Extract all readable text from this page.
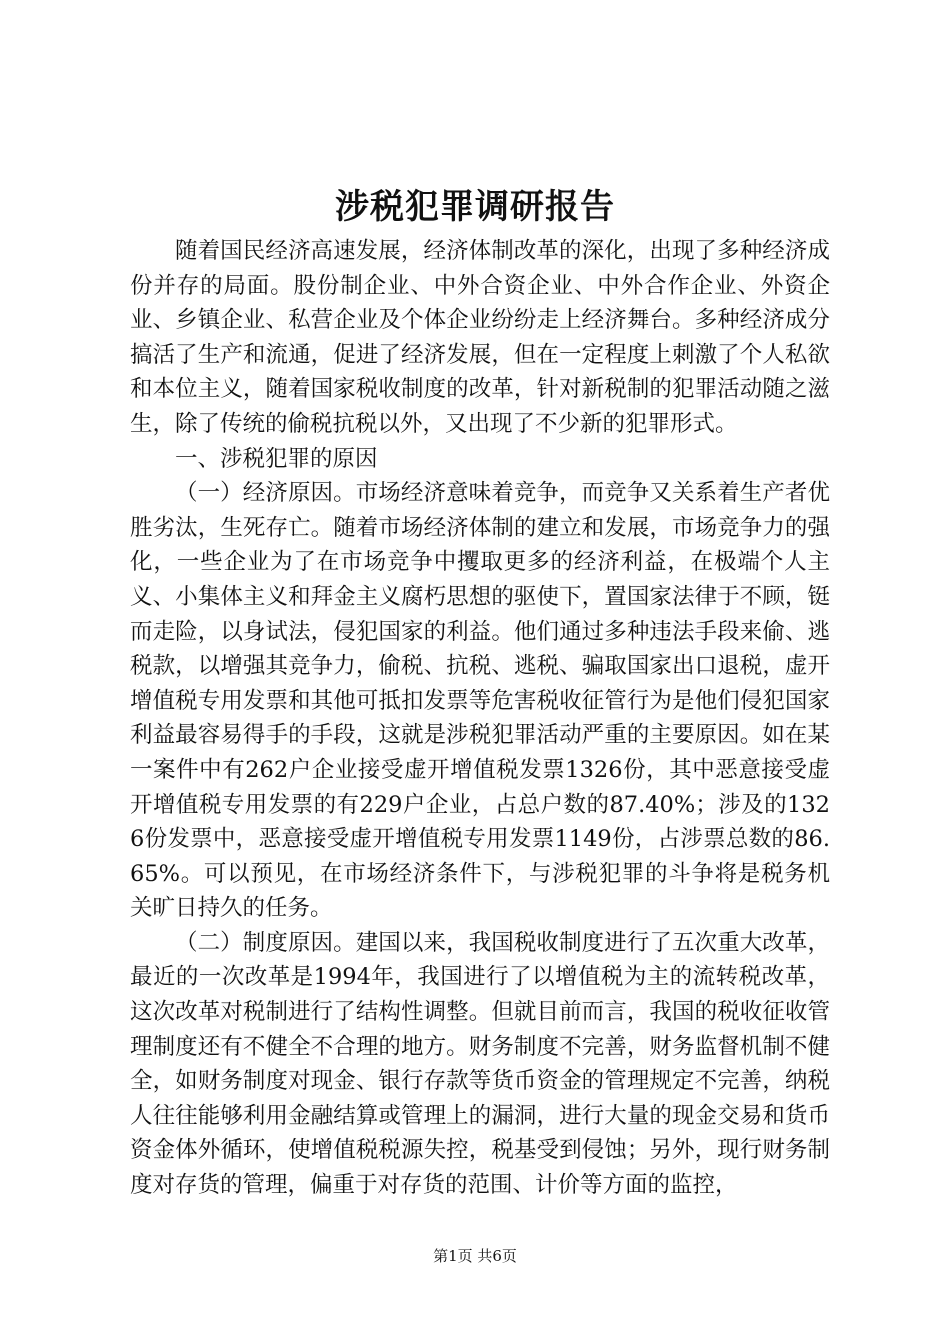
涉税犯罪调研报告

随着国民经济高速发展，经济体制改革的深化，出现了多种经济成份并存的局面。股份制企业、中外合资企业、中外合作企业、外资企业、乡镇企业、私营企业及个体企业纷纷走上经济舞台。多种经济成分搞活了生产和流通，促进了经济发展，但在一定程度上刺激了个人私欲和本位主义，随着国家税收制度的改革，针对新税制的犯罪活动随之滋生，除了传统的偷税抗税以外，又出现了不少新的犯罪形式。

一、涉税犯罪的原因

（一）经济原因。市场经济意味着竞争，而竞争又关系着生产者优胜劣汰，生死存亡。随着市场经济体制的建立和发展，市场竞争力的强化，一些企业为了在市场竞争中攫取更多的经济利益，在极端个人主义、小集体主义和拜金主义腐朽思想的驱使下，置国家法律于不顾，铤而走险，以身试法，侵犯国家的利益。他们通过多种违法手段来偷、逃税款，以增强其竞争力，偷税、抗税、逃税、骗取国家出口退税，虚开增值税专用发票和其他可抵扣发票等危害税收征管行为是他们侵犯国家利益最容易得手的手段，这就是涉税犯罪活动严重的主要原因。如在某一案件中有262户企业接受虚开增值税发票1326份，其中恶意接受虚开增值税专用发票的有229户企业，占总户数的87.40%；涉及的1326份发票中，恶意接受虚开增值税专用发票1149份，占涉票总数的86.65%。可以预见，在市场经济条件下，与涉税犯罪的斗争将是税务机关旷日持久的任务。

（二）制度原因。建国以来，我国税收制度进行了五次重大改革，最近的一次改革是1994年，我国进行了以增值税为主的流转税改革，这次改革对税制进行了结构性调整。但就目前而言，我国的税收征收管理制度还有不健全不合理的地方。财务制度不完善，财务监督机制不健全，如财务制度对现金、银行存款等货币资金的管理规定不完善，纳税人往往能够利用金融结算或管理上的漏洞，进行大量的现金交易和货币资金体外循环，使增值税税源失控，税基受到侵蚀；另外，现行财务制度对存货的管理，偏重于对存货的范围、计价等方面的监控，

第1页 共6页
